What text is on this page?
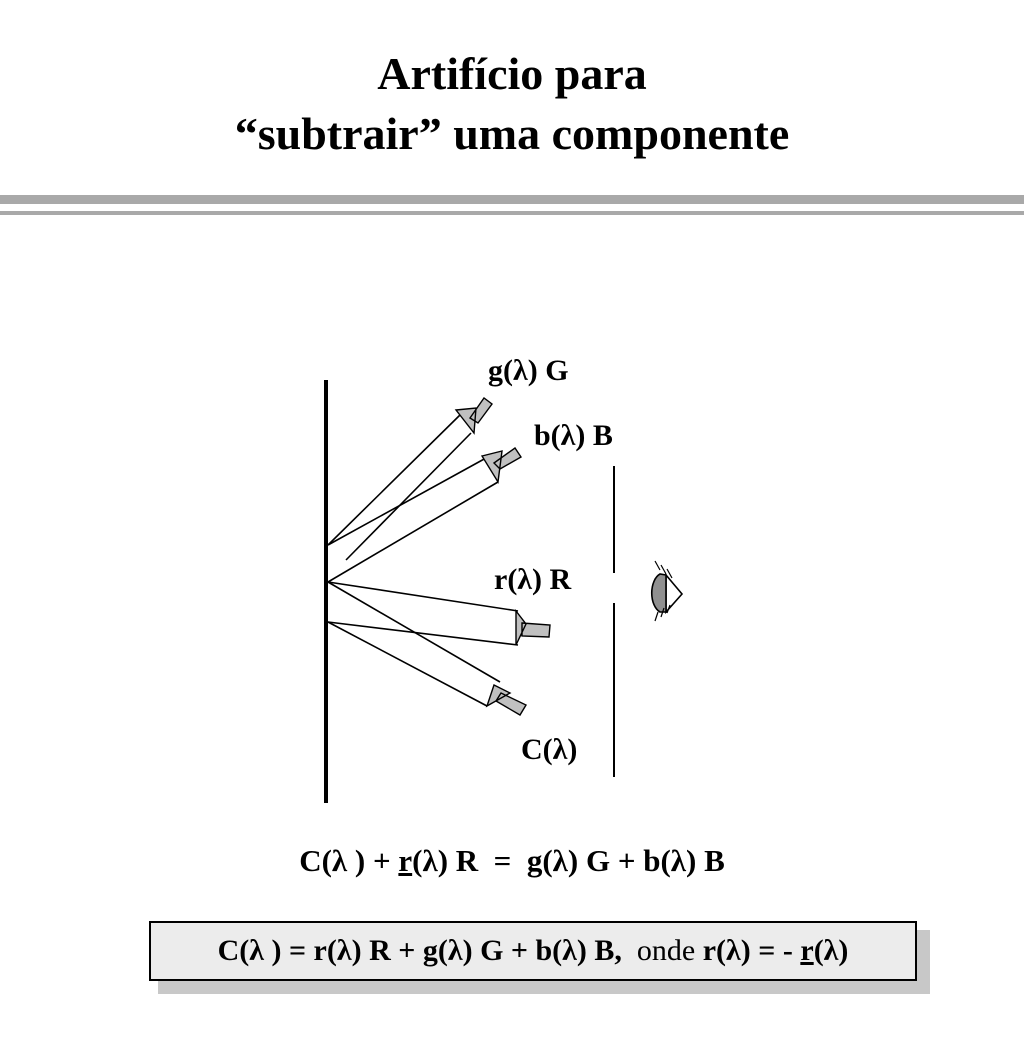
Artifício para
“subtrair” uma componente
g(λ) G
b(λ) B
r(λ) R
C(λ)
C(λ ) + r(λ) R  =  g(λ) G + b(λ) B
C(λ ) = r(λ) R + g(λ) G + b(λ) B,  onde r(λ) = - r(λ)
